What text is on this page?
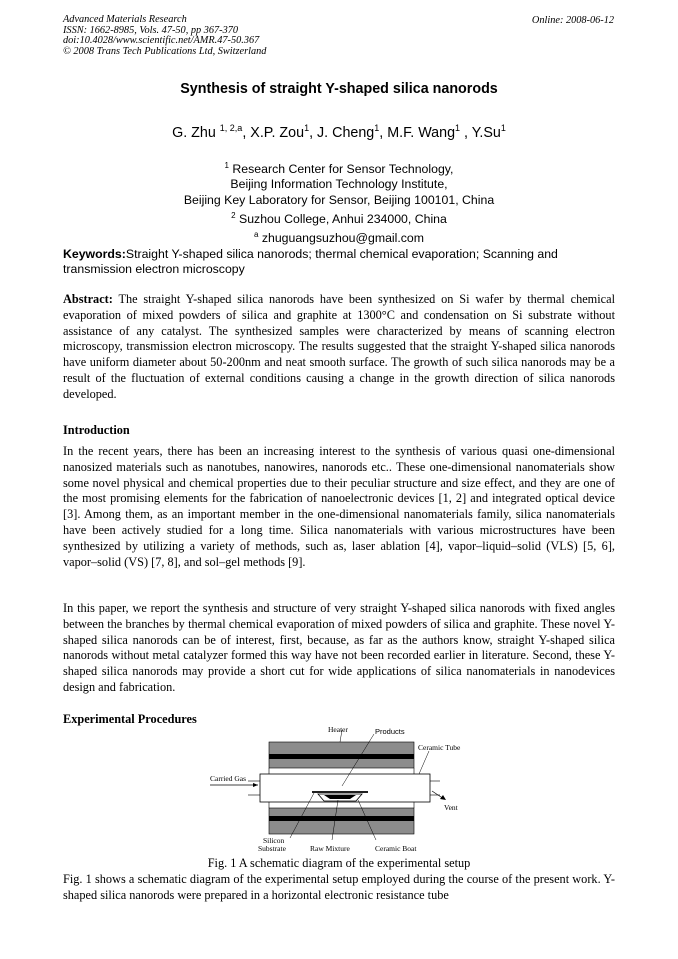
Advanced Materials Research
ISSN: 1662-8985, Vols. 47-50, pp 367-370
doi:10.4028/www.scientific.net/AMR.47-50.367
© 2008 Trans Tech Publications Ltd, Switzerland
Online: 2008-06-12
Synthesis of straight Y-shaped silica nanorods
G. Zhu $^{1, 2,a}$, X.P. Zou$^1$, J. Cheng$^1$, M.F. Wang$^1$ , Y.Su$^1$
$^1$ Research Center for Sensor Technology,
Beijing Information Technology Institute,
Beijing Key Laboratory for Sensor, Beijing 100101, China
$^2$ Suzhou College, Anhui 234000, China
$^a$ zhuguangsuzhou@gmail.com
Keywords:Straight Y-shaped silica nanorods; thermal chemical evaporation; Scanning and transmission electron microscopy
Abstract: The straight Y-shaped silica nanorods have been synthesized on Si wafer by thermal chemical evaporation of mixed powders of silica and graphite at 1300°C and condensation on Si substrate without assistance of any catalyst. The synthesized samples were characterized by means of scanning electron microscopy, transmission electron microscopy. The results suggested that the straight Y-shaped silica nanorods have uniform diameter about 50-200nm and neat smooth surface. The growth of such silica nanorods may be a result of the fluctuation of external conditions causing a change in the growth direction of silica nanorods developed.
Introduction
In the recent years, there has been an increasing interest to the synthesis of various quasi one-dimensional nanosized materials such as nanotubes, nanowires, nanorods etc.. These one-dimensional nanomaterials show some novel physical and chemical properties due to their peculiar structure and size effect, and they are one of the most promising elements for the fabrication of nanoelectronic devices [1, 2] and integrated optical device [3]. Among them, as an important member in the one-dimensional nanomaterials family, silica nanomaterials have been actively studied for a long time. Silica nanomaterials with various microstructures have been synthesized by utilizing a variety of methods, such as, laser ablation [4], vapor–liquid–solid (VLS) [5, 6], vapor–solid (VS) [7, 8], and sol–gel methods [9].
In this paper, we report the synthesis and structure of very straight Y-shaped silica nanorods with fixed angles between the branches by thermal chemical evaporation of mixed powders of silica and graphite. These novel Y-shaped silica nanorods can be of interest, first, because, as far as the authors know, straight Y-shaped silica nanorods without metal catalyzer formed this way have not been recorded earlier in literature. Second, these Y-shaped silica nanorods may provide a short cut for wide applications of silica nanomaterials in nanodevices design and fabrication.
Experimental Procedures
Heater	Products
Ceramic Tube
Carried Gas
Vent
Silicon
Substrate	Raw Mixture	Ceramic Boat
Fig. 1 A schematic diagram of the experimental setup
Fig. 1 shows a schematic diagram of the experimental setup employed during the course of the present work. Y-shaped silica nanorods were prepared in a horizontal electronic resistance tube
